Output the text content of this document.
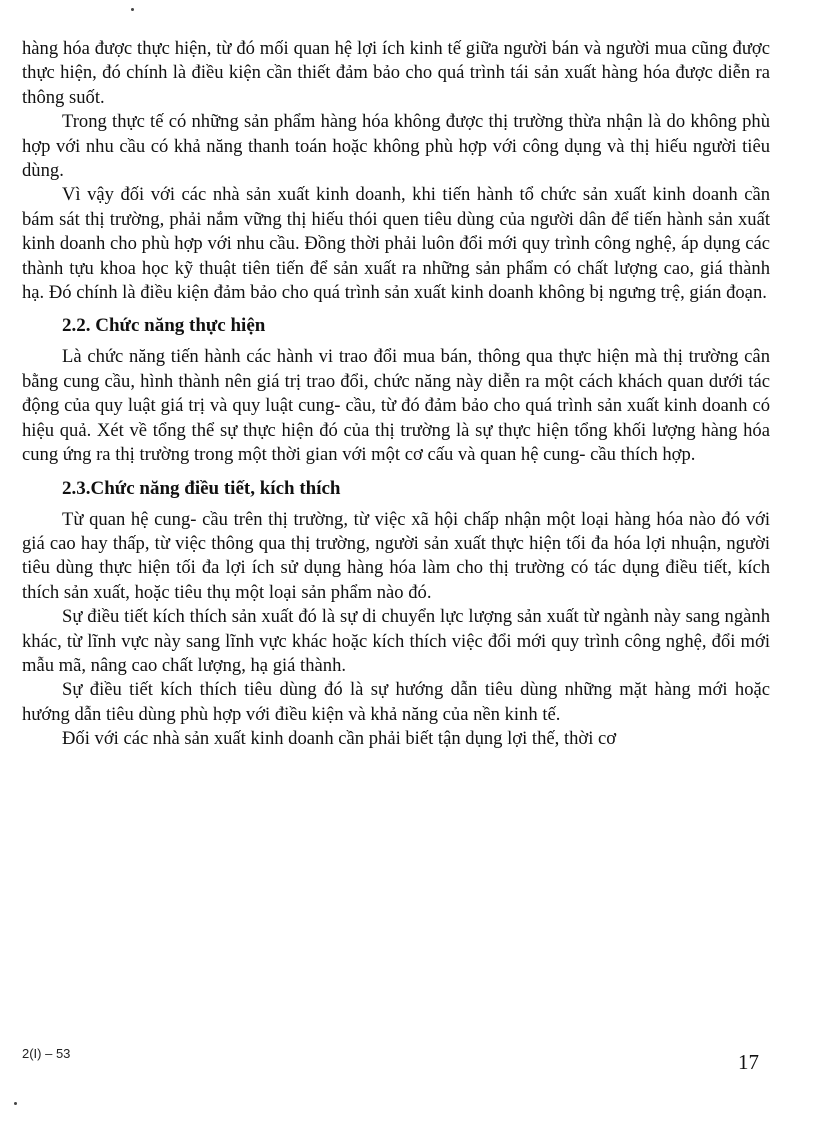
hàng hóa được thực hiện, từ đó mối quan hệ lợi ích kinh tế giữa người bán và người mua cũng được thực hiện, đó chính là điều kiện cần thiết đảm bảo cho quá trình tái sản xuất hàng hóa được diễn ra thông suốt.

Trong thực tế có những sản phẩm hàng hóa không được thị trường thừa nhận là do không phù hợp với nhu cầu có khả năng thanh toán hoặc không phù hợp với công dụng và thị hiếu người tiêu dùng.

Vì vậy đối với các nhà sản xuất kinh doanh, khi tiến hành tổ chức sản xuất kinh doanh cần bám sát thị trường, phải nắm vững thị hiếu thói quen tiêu dùng của người dân để tiến hành sản xuất kinh doanh cho phù hợp với nhu cầu. Đồng thời phải luôn đổi mới quy trình công nghệ, áp dụng các thành tựu khoa học kỹ thuật tiên tiến để sản xuất ra những sản phẩm có chất lượng cao, giá thành hạ. Đó chính là điều kiện đảm bảo cho quá trình sản xuất kinh doanh không bị ngưng trệ, gián đoạn.

2.2. Chức năng thực hiện

Là chức năng tiến hành các hành vi trao đổi mua bán, thông qua thực hiện mà thị trường cân bằng cung cầu, hình thành nên giá trị trao đổi, chức năng này diễn ra một cách khách quan dưới tác động của quy luật giá trị và quy luật cung- cầu, từ đó đảm bảo cho quá trình sản xuất kinh doanh có hiệu quả. Xét về tổng thể sự thực hiện đó của thị trường là sự thực hiện tổng khối lượng hàng hóa cung ứng ra thị trường trong một thời gian với một cơ cấu và quan hệ cung- cầu thích hợp.

2.3.Chức năng điều tiết, kích thích

Từ quan hệ cung- cầu trên thị trường, từ việc xã hội chấp nhận một loại hàng hóa nào đó với giá cao hay thấp, từ việc thông qua thị trường, người sản xuất thực hiện tối đa hóa lợi nhuận, người tiêu dùng thực hiện tối đa lợi ích sử dụng hàng hóa làm cho thị trường có tác dụng điều tiết, kích thích sản xuất, hoặc tiêu thụ một loại sản phẩm nào đó.

Sự điều tiết kích thích sản xuất đó là sự di chuyển lực lượng sản xuất từ ngành này sang ngành khác, từ lĩnh vực này sang lĩnh vực khác hoặc kích thích việc đổi mới quy trình công nghệ, đổi mới mẫu mã, nâng cao chất lượng, hạ giá thành.

Sự điều tiết kích thích tiêu dùng đó là sự hướng dẫn tiêu dùng những mặt hàng mới hoặc hướng dẫn tiêu dùng phù hợp với điều kiện và khả năng của nền kinh tế.

Đối với các nhà sản xuất kinh doanh cần phải biết tận dụng lợi thế, thời cơ

2(I) – 53	17
